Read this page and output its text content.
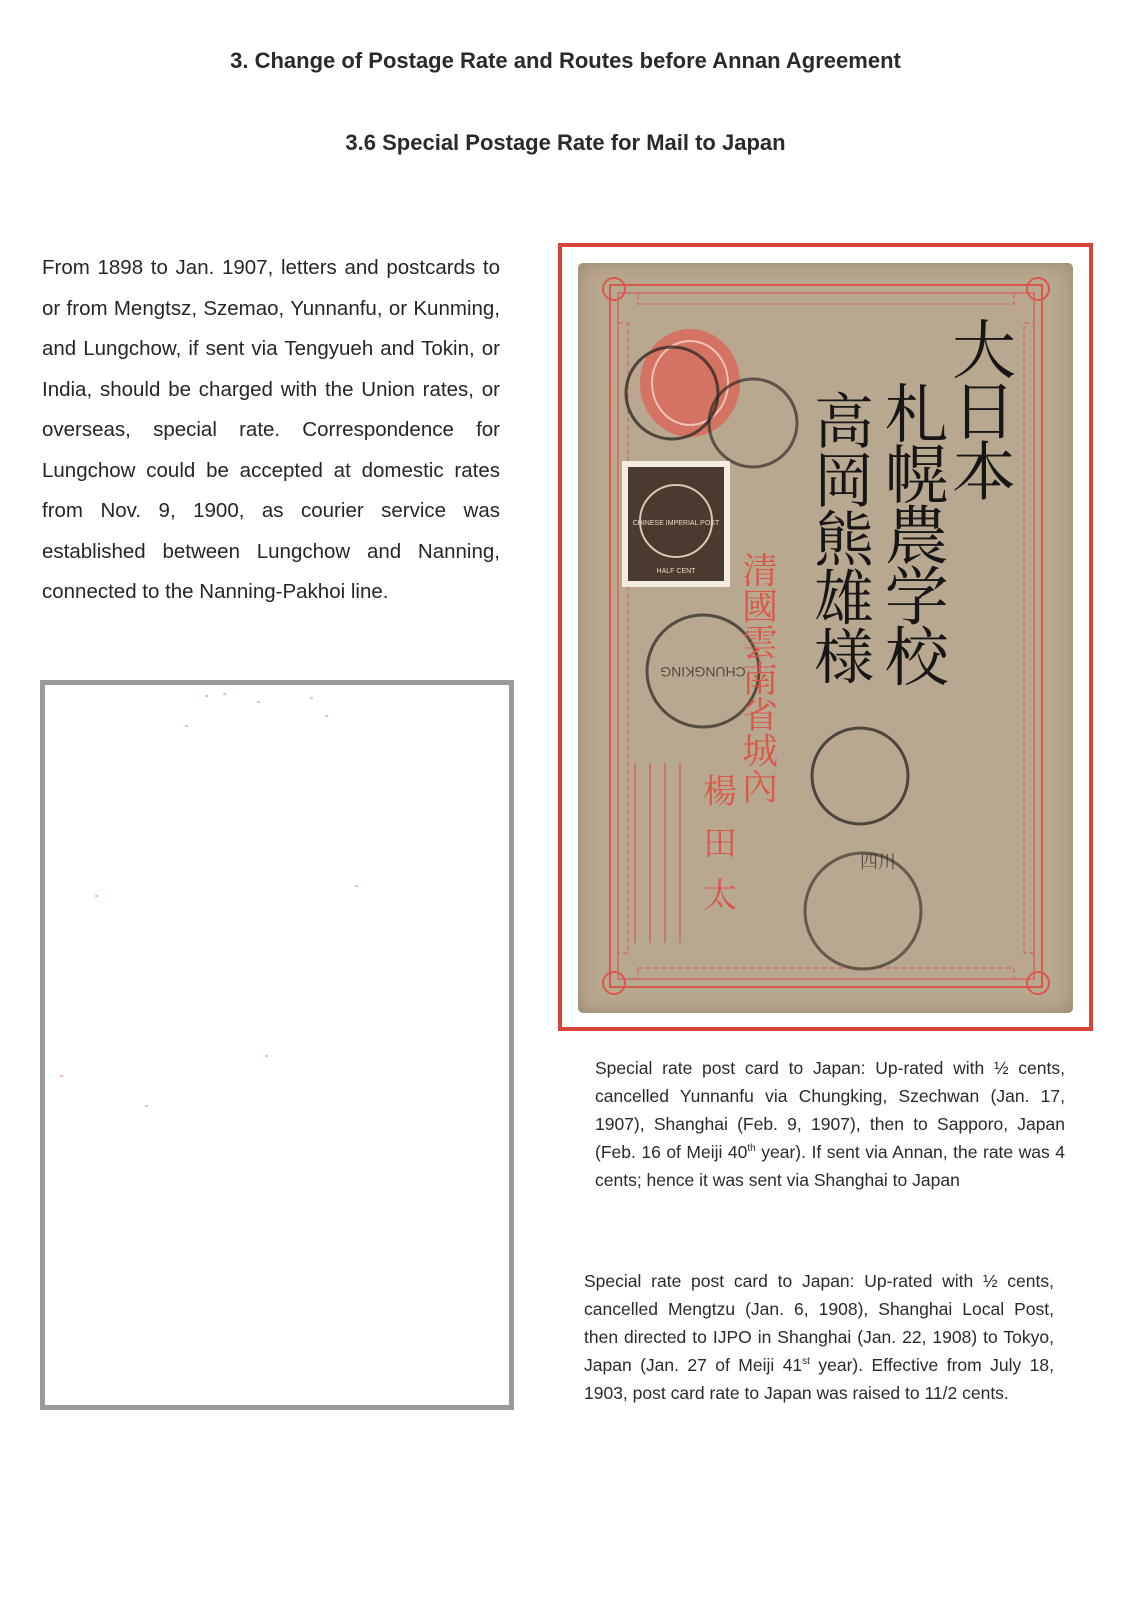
3. Change of Postage Rate and Routes before Annan Agreement
3.6 Special Postage Rate for Mail to Japan

From 1898 to Jan. 1907, letters and postcards to or from Mengtsz, Szemao, Yunnanfu, or Kunming, and Lungchow, if sent via Tengyueh and Tokin, or India, should be charged with the Union rates, or overseas, special rate. Correspondence for Lungchow could be accepted at domestic rates from Nov. 9, 1900, as courier service was established between Lungchow and Nanning, connected to the Nanning-Pakhoi line.

CHINESE IMPERIAL POST
HALF CENT
CHUNGKING
清國雲南省城內
楊田太
大日本札幌農学校
高岡熊雄様
四川

Special rate post card to Japan: Up-rated with ½ cents, cancelled Yunnanfu via Chungking, Szechwan (Jan. 17, 1907), Shanghai (Feb. 9, 1907), then to Sapporo, Japan (Feb. 16 of Meiji 40th year). If sent via Annan, the rate was 4 cents; hence it was sent via Shanghai to Japan

Special rate post card to Japan: Up-rated with ½ cents, cancelled Mengtzu (Jan. 6, 1908), Shanghai Local Post, then directed to IJPO in Shanghai (Jan. 22, 1908) to Tokyo, Japan (Jan. 27 of Meiji 41st year). Effective from July 18, 1903, post card rate to Japan was raised to 11/2 cents.
